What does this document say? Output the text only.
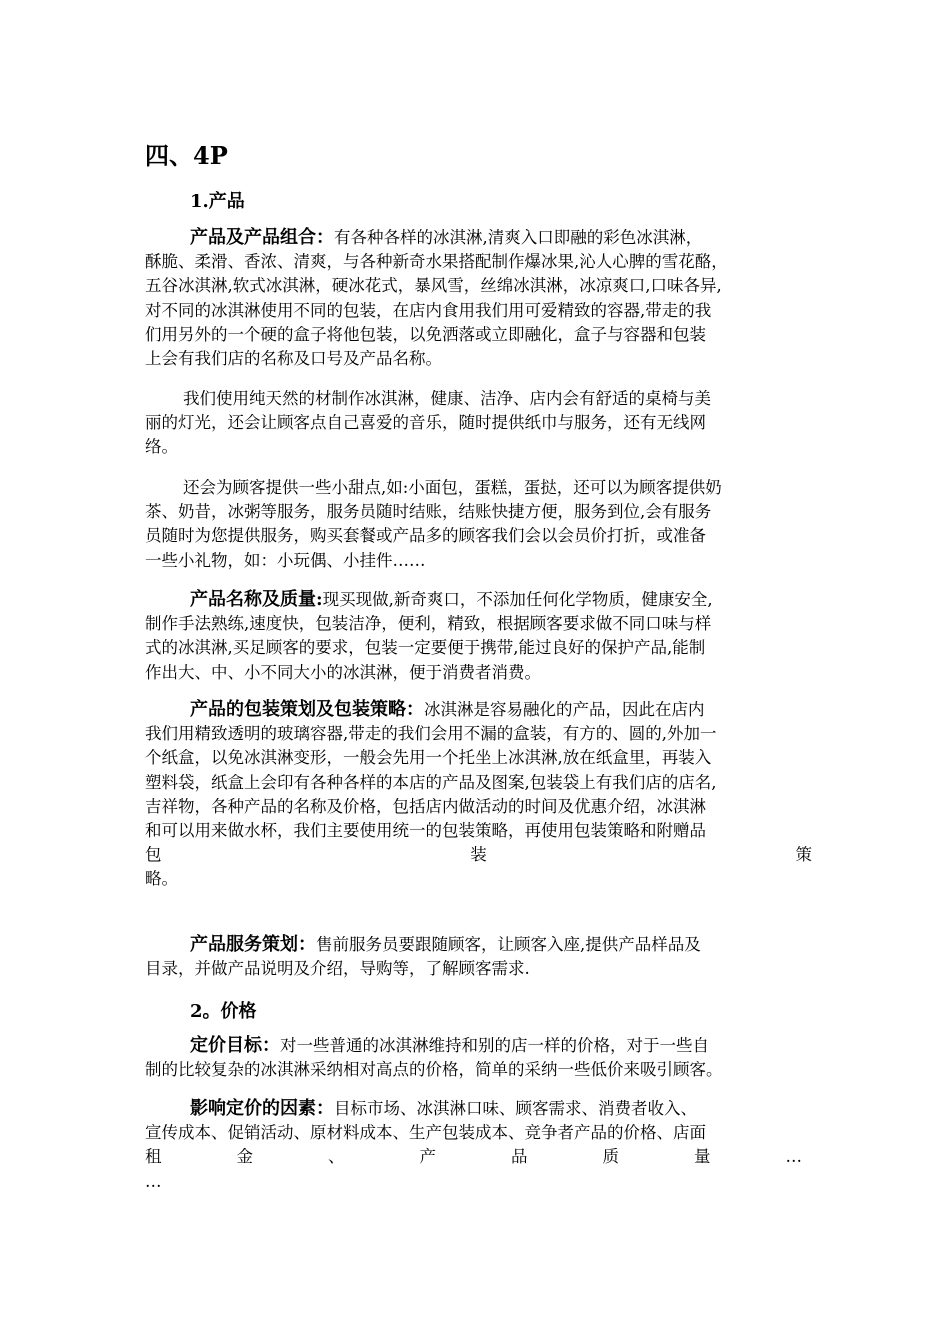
四、4P
1.产品
产品及产品组合：有各种各样的冰淇淋,清爽入口即融的彩色冰淇淋，
酥脆、柔滑、香浓、清爽，与各种新奇水果搭配制作爆冰果,沁人心脾的雪花酪，
五谷冰淇淋,软式冰淇淋，硬冰花式，暴风雪，丝绵冰淇淋，冰凉爽口,口味各异,
对不同的冰淇淋使用不同的包装，在店内食用我们用可爱精致的容器,带走的我
们用另外的一个硬的盒子将他包装，以免洒落或立即融化，盒子与容器和包装
上会有我们店的名称及口号及产品名称。
我们使用纯天然的材制作冰淇淋，健康、洁净、店内会有舒适的桌椅与美
丽的灯光，还会让顾客点自己喜爱的音乐，随时提供纸巾与服务，还有无线网
络。
还会为顾客提供一些小甜点,如:小面包，蛋糕，蛋挞，还可以为顾客提供奶
茶、奶昔，冰粥等服务，服务员随时结账，结账快捷方便，服务到位,会有服务
员随时为您提供服务，购买套餐或产品多的顾客我们会以会员价打折，或准备
一些小礼物，如：小玩偶、小挂件……
产品名称及质量:现买现做,新奇爽口，不添加任何化学物质，健康安全,
制作手法熟练,速度快，包装洁净，便利，精致，根据顾客要求做不同口味与样
式的冰淇淋,买足顾客的要求，包装一定要便于携带,能过良好的保护产品,能制
作出大、中、小不同大小的冰淇淋，便于消费者消费。
产品的包装策划及包装策略：冰淇淋是容易融化的产品，因此在店内
我们用精致透明的玻璃容器,带走的我们会用不漏的盒装，有方的、圆的,外加一
个纸盒，以免冰淇淋变形，一般会先用一个托坐上冰淇淋,放在纸盒里，再装入
塑料袋，纸盒上会印有各种各样的本店的产品及图案,包装袋上有我们店的店名,
吉祥物，各种产品的名称及价格，包括店内做活动的时间及优惠介绍，冰淇淋
和可以用来做水杯，我们主要使用统一的包装策略，再使用包装策略和附赠品
包	装	策
略。
产品服务策划：售前服务员要跟随顾客，让顾客入座,提供产品样品及
目录，并做产品说明及介绍，导购等，了解顾客需求.
2。价格
定价目标：对一些普通的冰淇淋维持和别的店一样的价格，对于一些自
制的比较复杂的冰淇淋采纳相对高点的价格，简单的采纳一些低价来吸引顾客。
影响定价的因素：目标市场、冰淇淋口味、顾客需求、消费者收入、
宣传成本、促销活动、原材料成本、生产包装成本、竞争者产品的价格、店面
租	金	、	产	品	质	量	…
…
